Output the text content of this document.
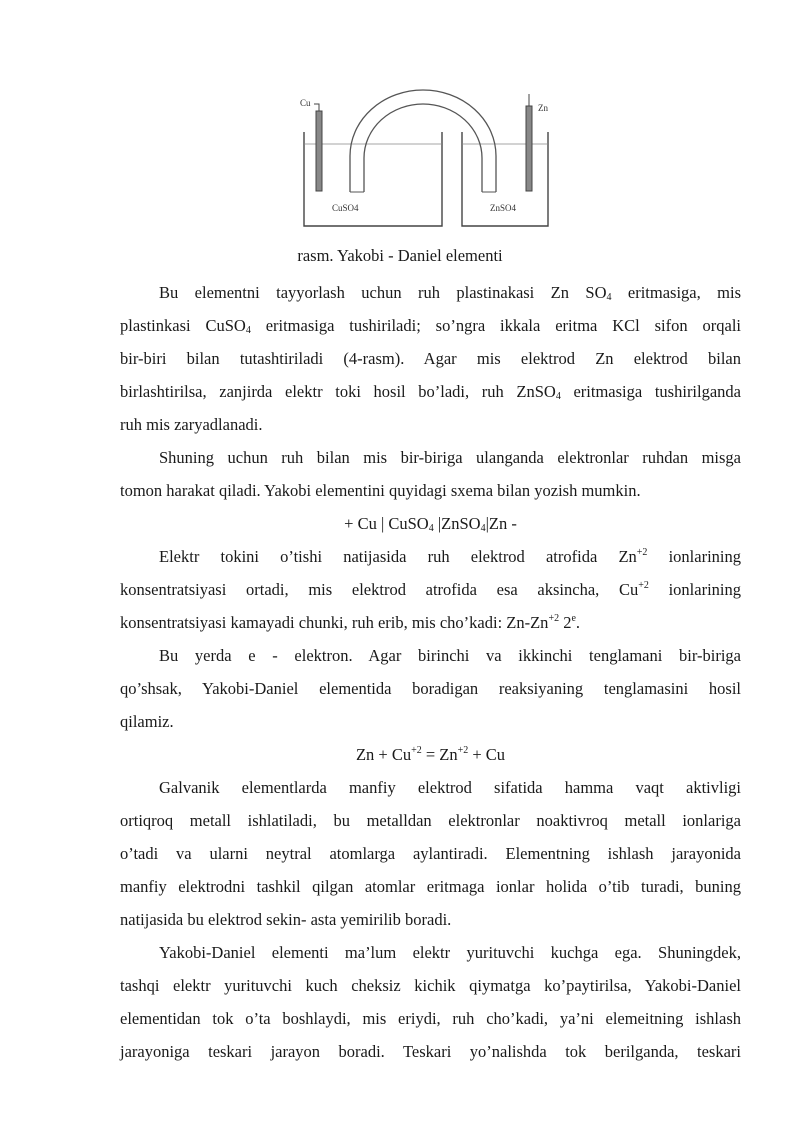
Cu	Zn
CuSO4	ZnSO4
rasm. Yakobi - Daniel elementi
Bu elementni tayyorlash uchun ruh plastinakasi Zn $SO_4$ eritmasiga, mis
plastinkasi CuSO$_4$ eritmasiga tushiriladi; so’ngra ikkala eritma KCl sifon orqali
bir-biri bilan tutashtiriladi (4-rasm). Agar mis elektrod Zn elektrod bilan
birlashtirilsa, zanjirda elektr toki hosil bo’ladi, ruh ZnSO$_4$ eritmasiga tushirilganda
ruh mis zaryadlanadi.
Shuning uchun ruh bilan mis bir-biriga ulanganda elektronlar ruhdan misga
tomon harakat qiladi. Yakobi elementini quyidagi sxema bilan yozish mumkin.
+ Cu | CuSO$_4$ |ZnSO$_4$|Zn -
Elektr tokini o’tishi natijasida ruh elektrod atrofida $Zn^{+2}$ ionlarining
konsentratsiyasi ortadi, mis elektrod atrofida esa aksincha, $Cu^{+2}$ ionlarining
konsentratsiyasi kamayadi chunki, ruh erib, mis cho’kadi: $Zn-Zn^{+2}$ 2e.
Bu yerda e - elektron. Agar birinchi va ikkinchi tenglamani bir-biriga
qo’shsak, Yakobi-Daniel elementida boradigan reaksiyaning tenglamasini hosil
qilamiz.
$Zn + Cu^{+2} = Zn^{+2} + Cu$
Galvanik elementlarda manfiy elektrod sifatida hamma vaqt aktivligi
ortiqroq metall ishlatiladi, bu metalldan elektronlar noaktivroq metall ionlariga
o’tadi va ularni neytral atomlarga aylantiradi. Elementning ishlash jarayonida
manfiy elektrodni tashkil qilgan atomlar eritmaga ionlar holida o’tib turadi, buning
natijasida bu elektrod sekin- asta yemirilib boradi.
Yakobi-Daniel elementi ma’lum elektr yurituvchi kuchga ega. Shuningdek,
tashqi elektr yurituvchi kuch cheksiz kichik qiymatga ko’paytirilsa, Yakobi-Daniel
elementidan tok o’ta boshlaydi, mis eriydi, ruh cho’kadi, ya’ni elemeitning ishlash
jarayoniga teskari jarayon boradi. Teskari yo’nalishda tok berilganda, teskari
